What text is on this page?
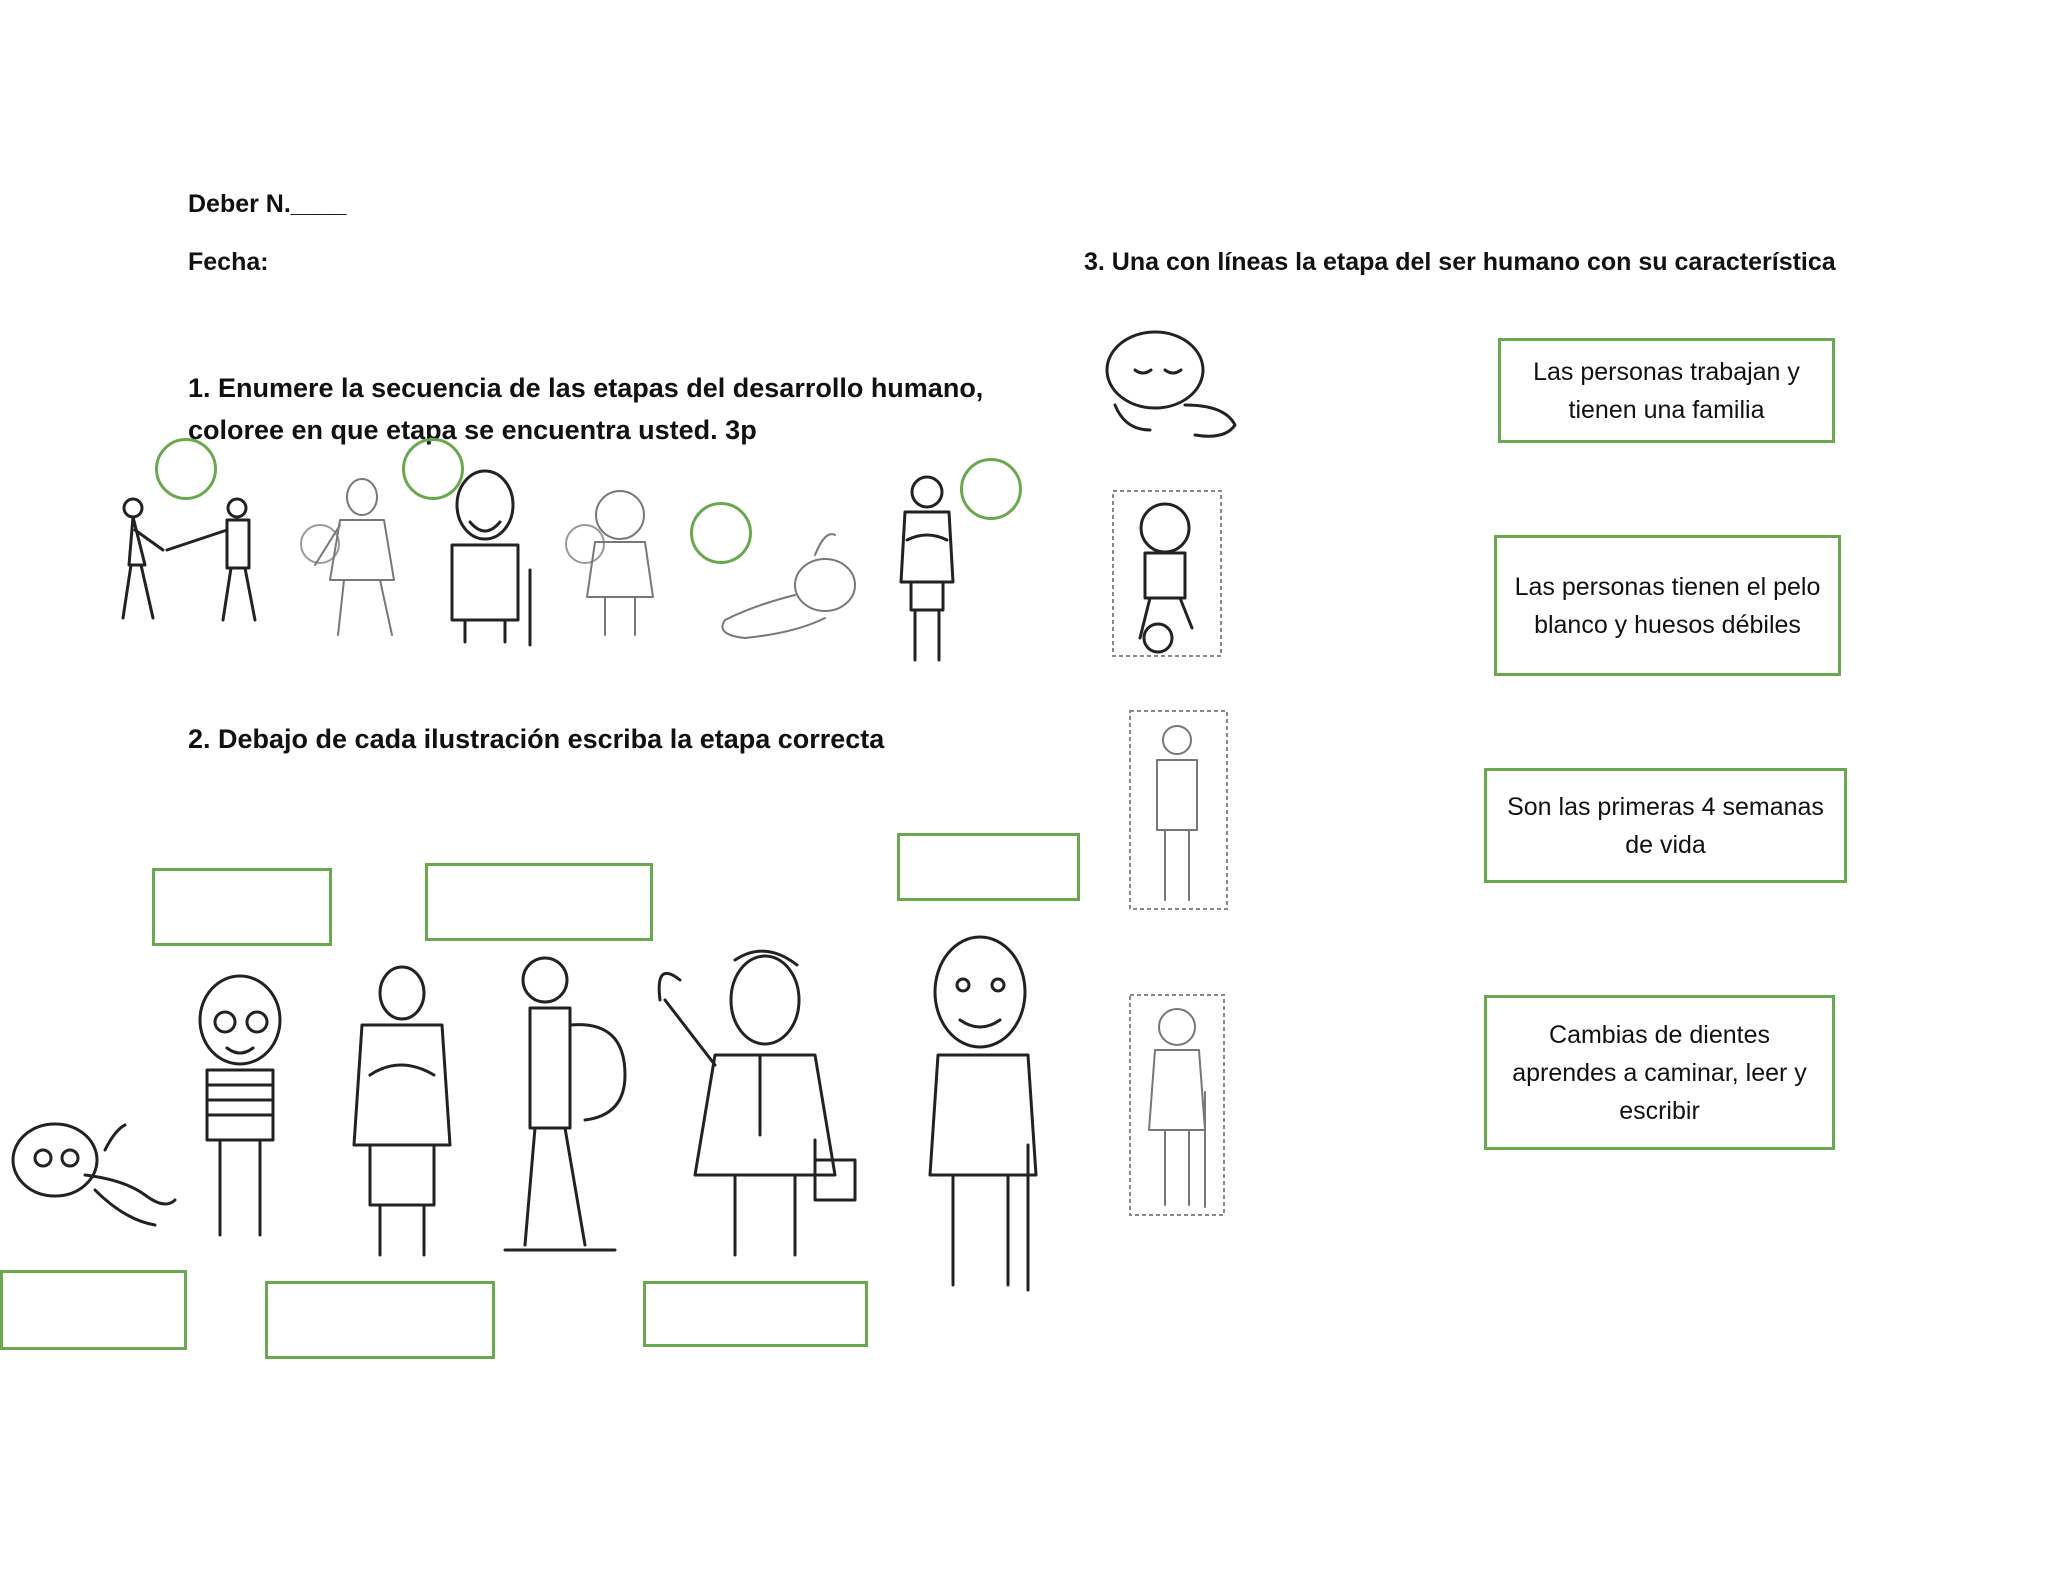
Deber N.____
Fecha:
1. Enumere la secuencia de las etapas del desarrollo humano,
coloree en que etapa se encuentra usted. 3p
2. Debajo de cada ilustración escriba la etapa correcta
3. Una con líneas la etapa del ser humano con su característica
Las personas trabajan y tienen una familia
Las personas tienen el pelo blanco y huesos débiles
Son las primeras 4 semanas de vida
Cambias de dientes aprendes a caminar, leer y escribir
